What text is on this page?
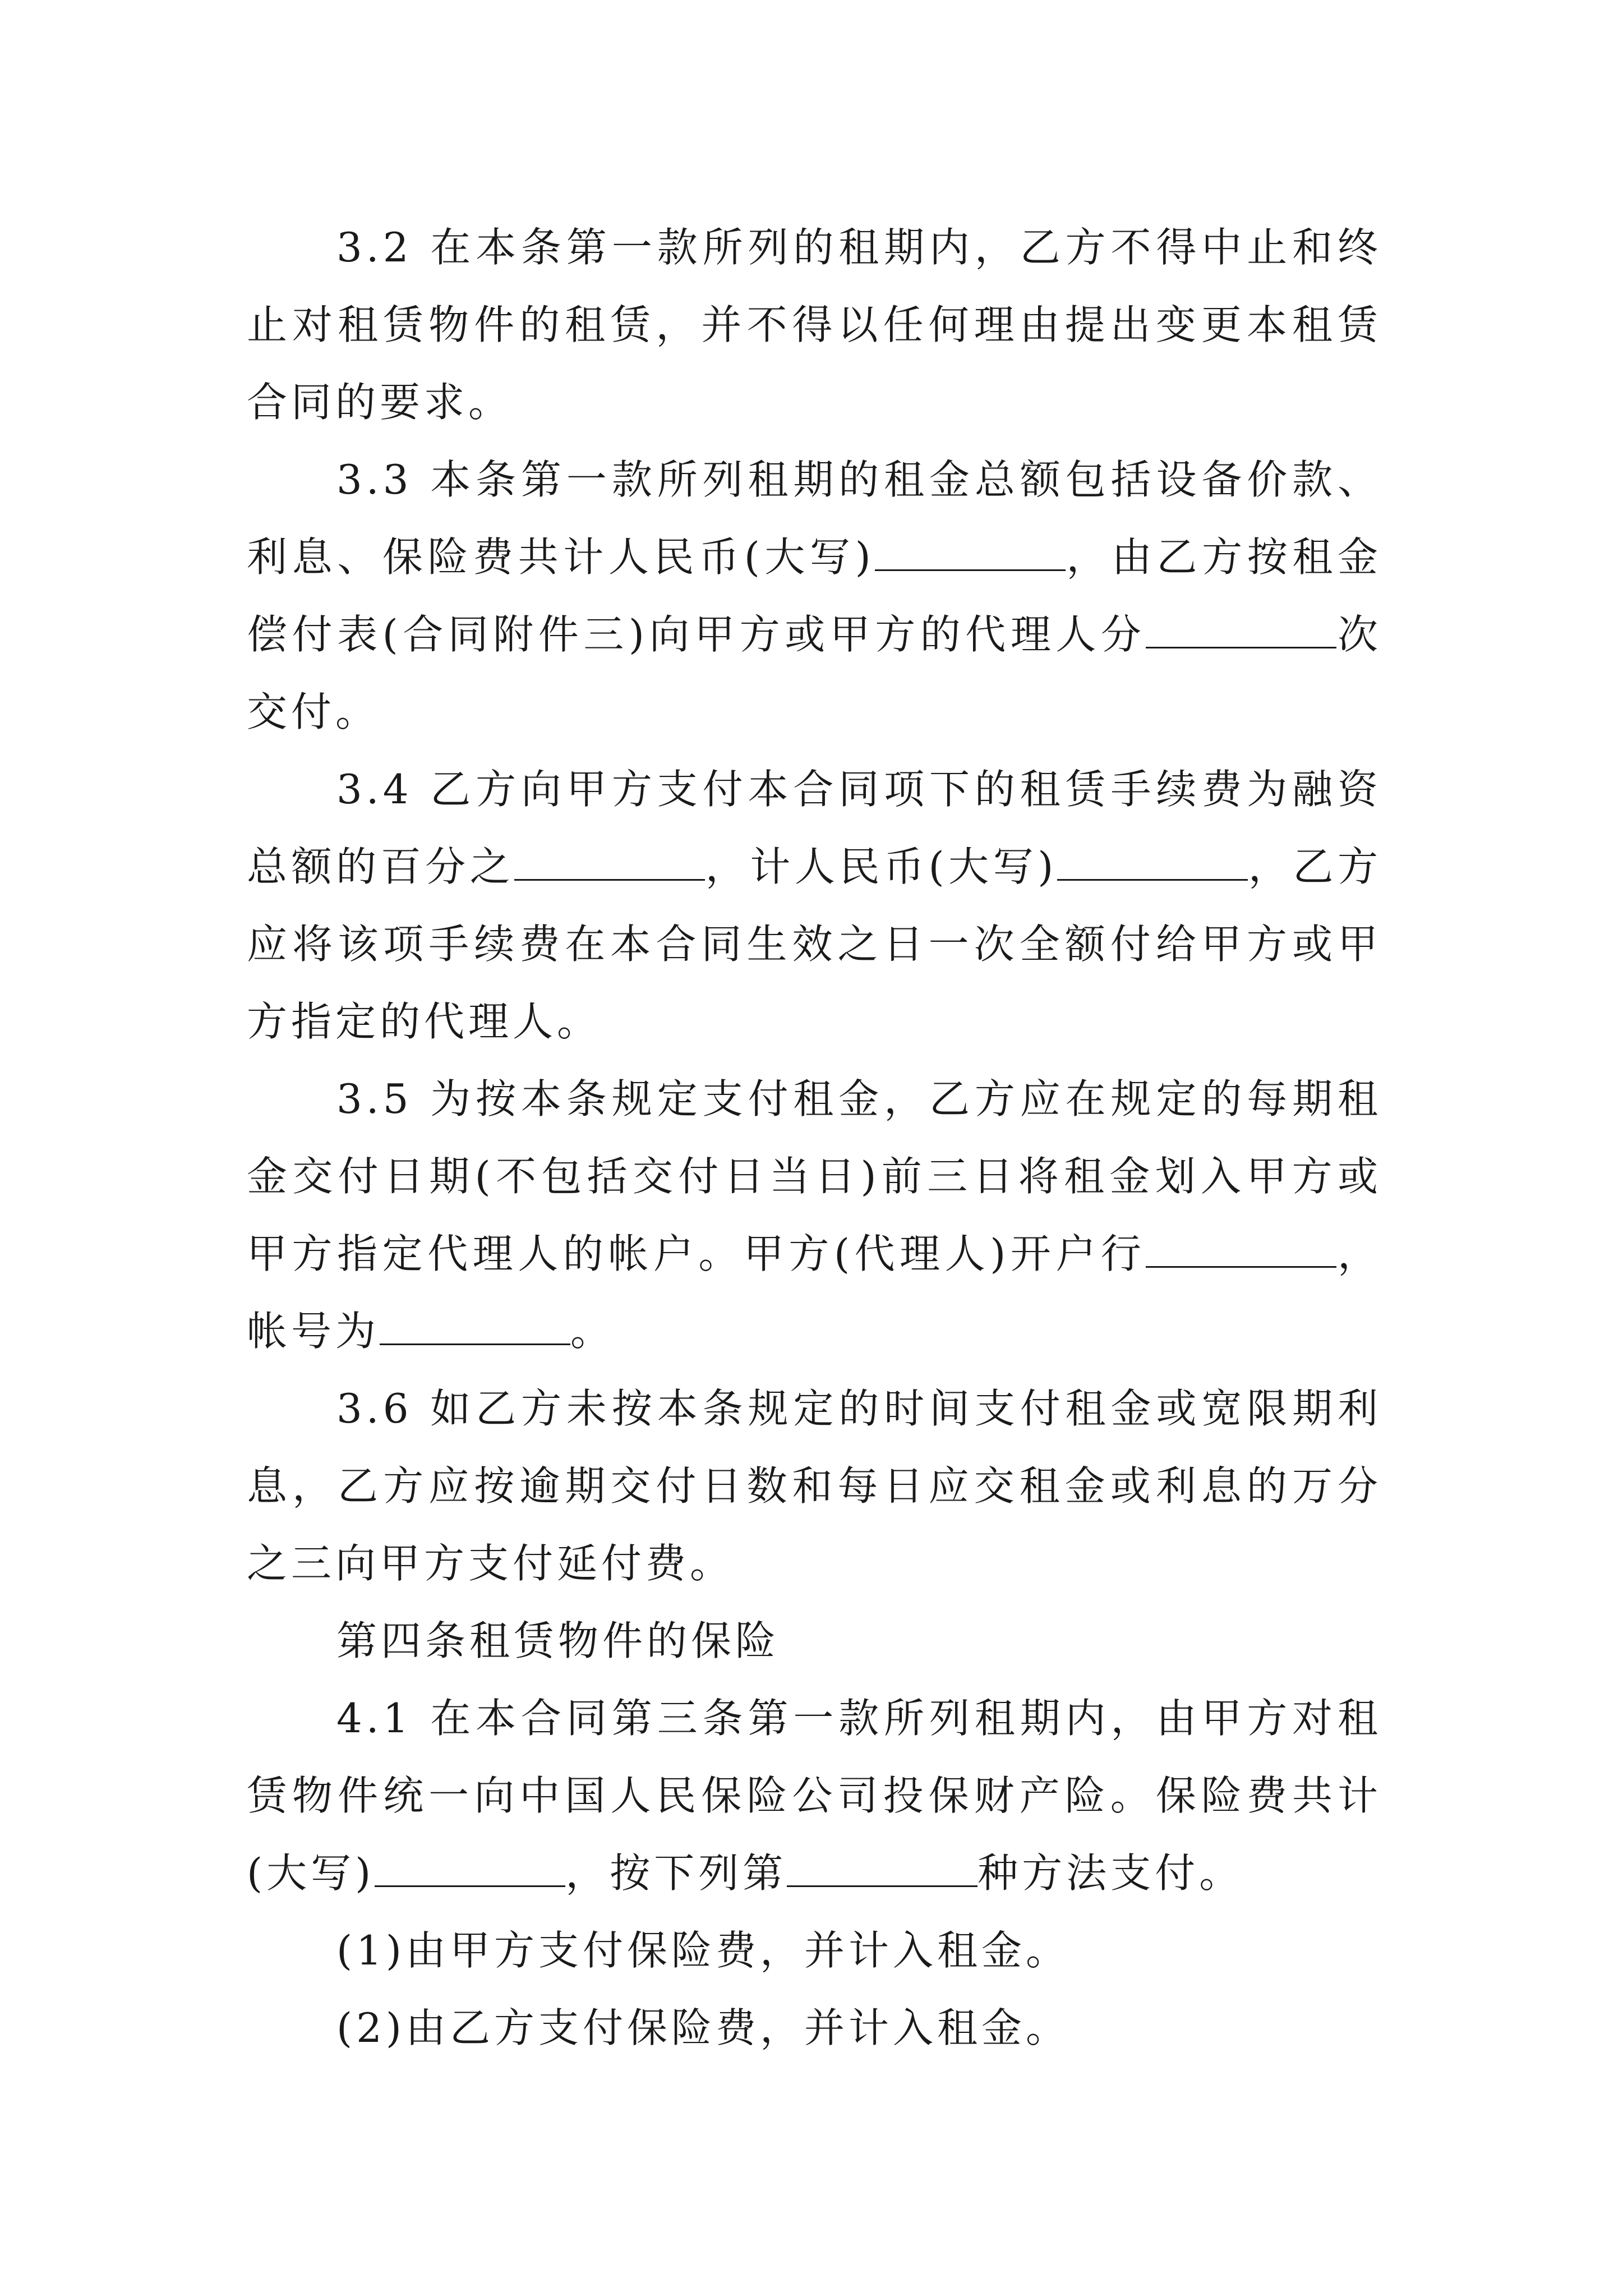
3.2 在本条第一款所列的租期内，乙方不得中止和终止对租赁物件的租赁，并不得以任何理由提出变更本租赁合同的要求。

3.3 本条第一款所列租期的租金总额包括设备价款、利息、保险费共计人民币(大写)	，由乙方按租金偿付表(合同附件三)向甲方或甲方的代理人分	次交付。

3.4 乙方向甲方支付本合同项下的租赁手续费为融资总额的百分之	，计人民币(大写)	，乙方应将该项手续费在本合同生效之日一次全额付给甲方或甲方指定的代理人。

3.5 为按本条规定支付租金，乙方应在规定的每期租金交付日期(不包括交付日当日)前三日将租金划入甲方或甲方指定代理人的帐户。甲方(代理人)开户行	，帐号为	。

3.6 如乙方未按本条规定的时间支付租金或宽限期利息，乙方应按逾期交付日数和每日应交租金或利息的万分之三向甲方支付延付费。

第四条租赁物件的保险

4.1 在本合同第三条第一款所列租期内，由甲方对租赁物件统一向中国人民保险公司投保财产险。保险费共计(大写)	，按下列第	种方法支付。

(1)由甲方支付保险费，并计入租金。

(2)由乙方支付保险费，并计入租金。
